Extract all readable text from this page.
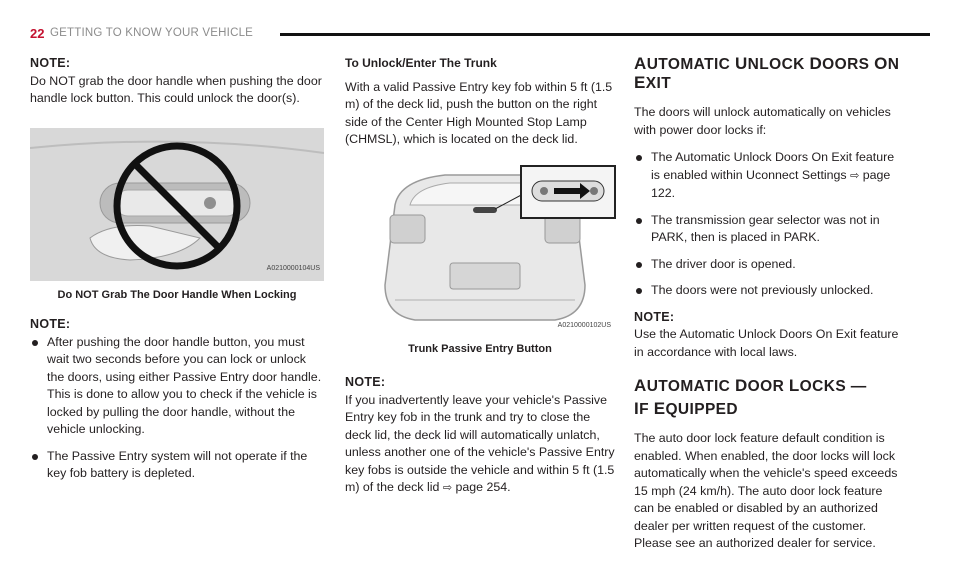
22 GETTING TO KNOW YOUR VEHICLE

NOTE:

Do NOT grab the door handle when pushing the door handle lock button. This could unlock the door(s).

A0210000104US
Do NOT Grab The Door Handle When Locking

NOTE:

After pushing the door handle button, you must wait two seconds before you can lock or unlock the doors, using either Passive Entry door handle. This is done to allow you to check if the vehicle is locked by pulling the door handle, without the vehicle unlocking.
The Passive Entry system will not operate if the key fob battery is depleted.

To Unlock/Enter The Trunk

With a valid Passive Entry key fob within 5 ft (1.5 m) of the deck lid, push the button on the right side of the Center High Mounted Stop Lamp (CHMSL), which is located on the deck lid.

A0210000102US
Trunk Passive Entry Button

NOTE:

If you inadvertently leave your vehicle's Passive Entry key fob in the trunk and try to close the deck lid, the deck lid will automatically unlatch, unless another one of the vehicle's Passive Entry key fobs is outside the vehicle and within 5 ft (1.5 m) of the deck lid ⇨ page 254.

AUTOMATIC UNLOCK DOORS ON EXIT

The doors will unlock automatically on vehicles with power door locks if:

The Automatic Unlock Doors On Exit feature is enabled within Uconnect Settings ⇨ page 122.
The transmission gear selector was not in PARK, then is placed in PARK.
The driver door is opened.
The doors were not previously unlocked.

NOTE:

Use the Automatic Unlock Doors On Exit feature in accordance with local laws.

AUTOMATIC DOOR LOCKS —

IF EQUIPPED

The auto door lock feature default condition is enabled. When enabled, the door locks will lock automatically when the vehicle's speed exceeds 15 mph (24 km/h). The auto door lock feature can be enabled or disabled by an authorized dealer per written request of the customer. Please see an authorized dealer for service.
